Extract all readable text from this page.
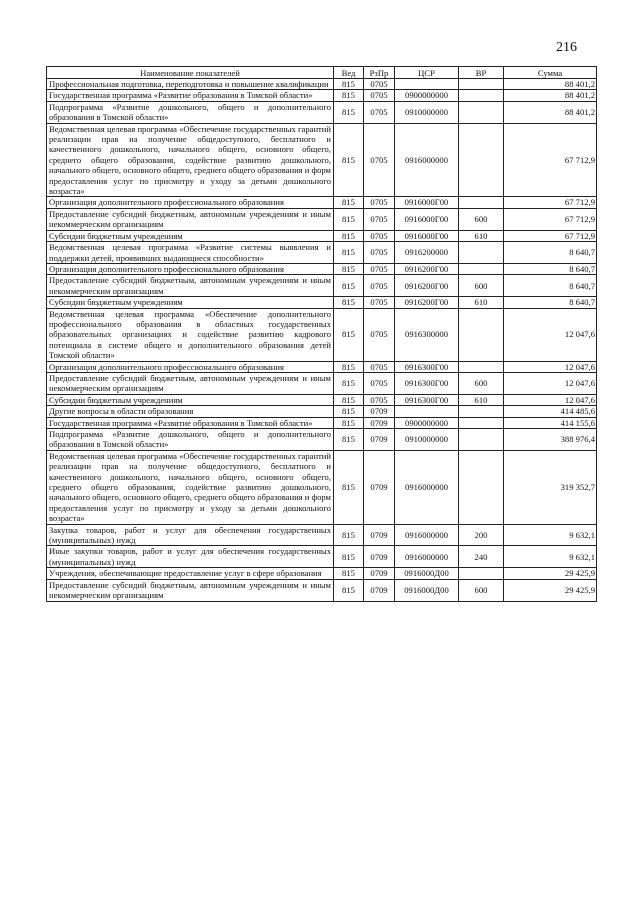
216
Наименование показателей	Вед	РзПр	ЦСР	ВР	Сумма
Профессиональная подготовка, переподготовка и повышение квалификации	815	0705			88 401,2
Государственная программа «Развитие образования в Томской области»	815	0705	0900000000		88 401,2
Подпрограмма «Развитие дошкольного, общего и дополнительного образования в Томской области»	815	0705	0910000000		88 401,2
Ведомственная целевая программа «Обеспечение государственных гарантий реализации прав на получение общедоступного, бесплатного и качественного дошкольного, начального общего, основного общего, среднего общего образования, содействие развитию дошкольного, начального общего, основного общего, среднего общего образования и форм предоставления услуг по присмотру и уходу за детьми дошкольного возраста»	815	0705	0916000000		67 712,9
Организация дополнительного профессионального образования	815	0705	0916000Г00		67 712,9
Предоставление субсидий бюджетным, автономным учреждениям и иным некоммерческим организациям	815	0705	0916000Г00	600	67 712,9
Субсидии бюджетным учреждениям	815	0705	0916000Г00	610	67 712,9
Ведомственная целевая программа «Развитие системы выявления и поддержки детей, проявивших выдающиеся способности»	815	0705	0916200000		8 640,7
Организация дополнительного профессионального образования	815	0705	0916200Г00		8 640,7
Предоставление субсидий бюджетным, автономным учреждениям и иным некоммерческим организациям	815	0705	0916200Г00	600	8 640,7
Субсидии бюджетным учреждениям	815	0705	0916200Г00	610	8 640,7
Ведомственная целевая программа «Обеспечение дополнительного профессионального образования в областных государственных образовательных организациях и содействие развитию кадрового потенциала в системе общего и дополнительного образования детей Томской области»	815	0705	0916300000		12 047,6
Организация дополнительного профессионального образования	815	0705	0916300Г00		12 047,6
Предоставление субсидий бюджетным, автономным учреждениям и иным некоммерческим организациям	815	0705	0916300Г00	600	12 047,6
Субсидии бюджетным учреждениям	815	0705	0916300Г00	610	12 047,6
Другие вопросы в области образования	815	0709			414 485,6
Государственная программа «Развитие образования в Томской области»	815	0709	0900000000		414 155,6
Подпрограмма «Развитие дошкольного, общего и дополнительного образования в Томской области»	815	0709	0910000000		388 976,4
Ведомственная целевая программа «Обеспечение государственных гарантий реализации прав на получение общедоступного, бесплатного и качественного дошкольного, начального общего, основного общего, среднего общего образования, содействие развитию дошкольного, начального общего, основного общего, среднего общего образования и форм предоставления услуг по присмотру и уходу за детьми дошкольного возраста»	815	0709	0916000000		319 352,7
Закупка товаров, работ и услуг для обеспечения государственных (муниципальных) нужд	815	0709	0916000000	200	9 632,1
Иные закупки товаров, работ и услуг для обеспечения государственных (муниципальных) нужд	815	0709	0916000000	240	9 632,1
Учреждения, обеспечивающие предоставление услуг в сфере образования	815	0709	0916000Д00		29 425,9
Предоставление субсидий бюджетным, автономным учреждениям и иным некоммерческим организациям	815	0709	0916000Д00	600	29 425,9
